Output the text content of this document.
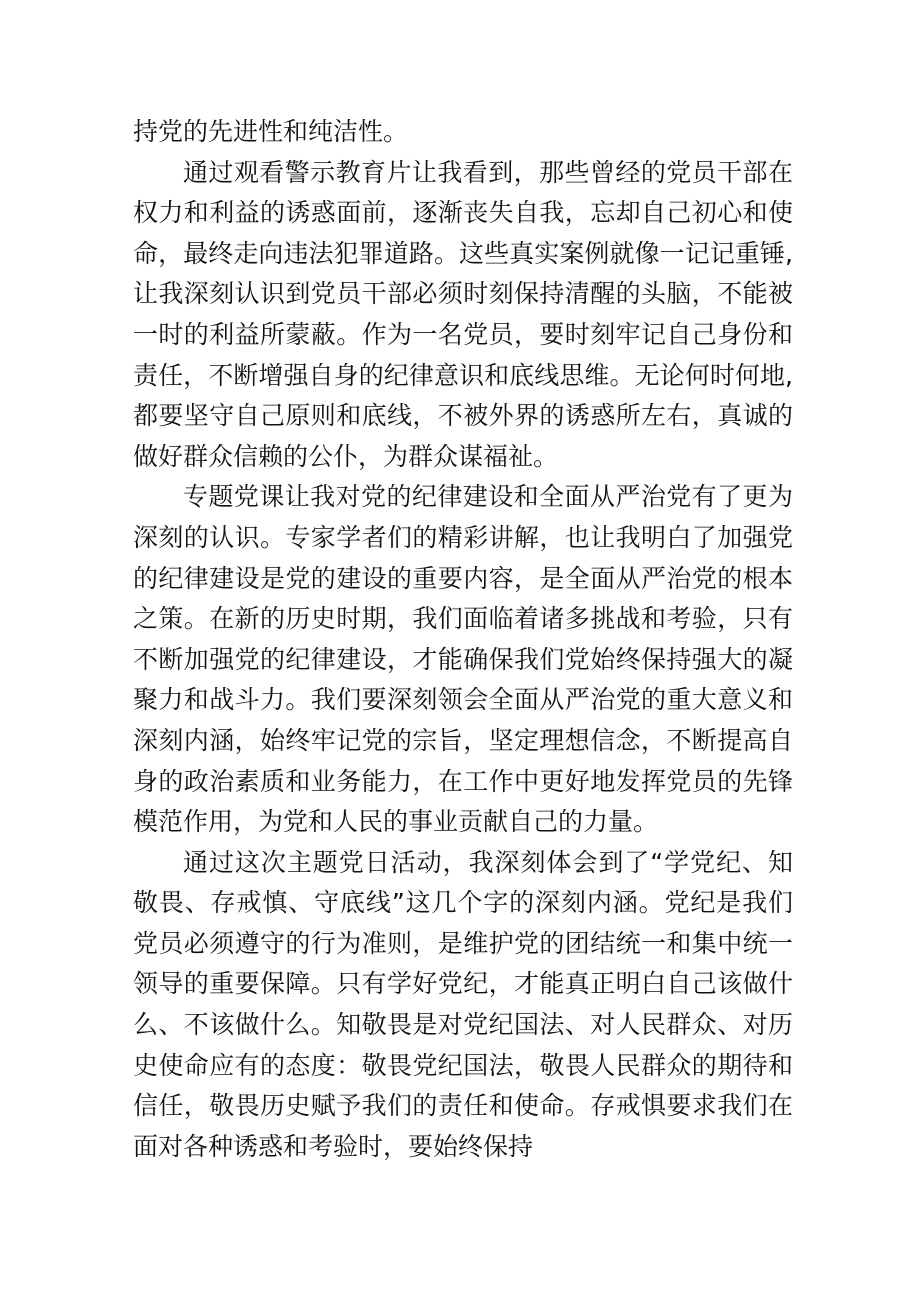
持党的先进性和纯洁性。

通过观看警示教育片让我看到，那些曾经的党员干部在权力和利益的诱惑面前，逐渐丧失自我，忘却自己初心和使命，最终走向违法犯罪道路。这些真实案例就像一记记重锤,让我深刻认识到党员干部必须时刻保持清醒的头脑，不能被一时的利益所蒙蔽。作为一名党员，要时刻牢记自己身份和责任，不断增强自身的纪律意识和底线思维。无论何时何地,都要坚守自己原则和底线，不被外界的诱惑所左右，真诚的做好群众信赖的公仆，为群众谋福祉。

专题党课让我对党的纪律建设和全面从严治党有了更为深刻的认识。专家学者们的精彩讲解，也让我明白了加强党的纪律建设是党的建设的重要内容，是全面从严治党的根本之策。在新的历史时期，我们面临着诸多挑战和考验，只有不断加强党的纪律建设，才能确保我们党始终保持强大的凝聚力和战斗力。我们要深刻领会全面从严治党的重大意义和深刻内涵，始终牢记党的宗旨，坚定理想信念，不断提高自身的政治素质和业务能力，在工作中更好地发挥党员的先锋模范作用，为党和人民的事业贡献自己的力量。

通过这次主题党日活动，我深刻体会到了“学党纪、知敬畏、存戒慎、守底线”这几个字的深刻内涵。党纪是我们党员必须遵守的行为准则，是维护党的团结统一和集中统一领导的重要保障。只有学好党纪，才能真正明白自己该做什么、不该做什么。知敬畏是对党纪国法、对人民群众、对历史使命应有的态度：敬畏党纪国法，敬畏人民群众的期待和信任，敬畏历史赋予我们的责任和使命。存戒惧要求我们在面对各种诱惑和考验时，要始终保持
